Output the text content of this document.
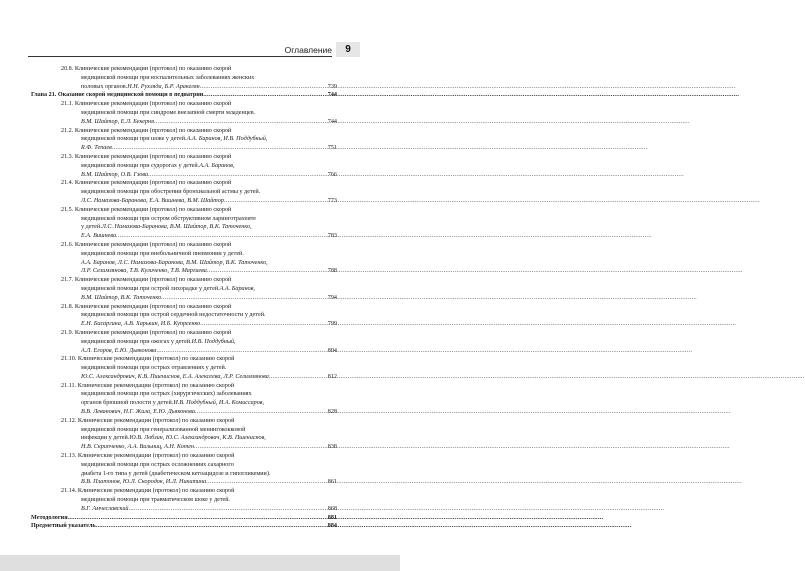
Оглавление	9
20.8. Клинические рекомендации (протокол) по оказанию скорой
медицинской помощи при воспалительных заболеваниях женских
половых органов. Н.Н. Рухляда, Б.Р. Аракелян .....	739
Глава 21. Оказание скорой медицинской помощи в педиатрии .....	744
21.1. Клинические рекомендации (протокол) по оказанию скорой
медицинской помощи при синдроме внезапной смерти младенцев.
В.М. Шайтор, Е.Л. Бекерня .....	744
21.2. Клинические рекомендации (протокол) по оказанию скорой
медицинской помощи при шоке у детей. А.А. Баранов, И.В. Поддубный,
R.Ф. Тепаев .....	751
21.3. Клинические рекомендации (протокол) по оказанию скорой
медицинской помощи при судорогах у детей. А.А. Баранов,
В.М. Шайтор, О.В. Гзовa .....	766
21.4. Клинические рекомендации (протокол) по оказанию скорой
медицинской помощи при обострении бронхиальной астмы у детей.
Л.С. Намазова-Баранова, Е.А. Вишнева, В.М. Шайтор .....	773
21.5. Клинические рекомендации (протокол) по оказанию скорой
медицинской помощи при остром обструктивном ларинготрахеите
у детей. Л.С. Намазова-Баранова, В.М. Шайтор, В.К. Таточенко,
Е.А. Вишнева .....	783
21.6. Клинические рекомендации (протокол) по оказанию скорой
медицинской помощи при внебольничной пневмонии у детей.
А.А. Баранов, Л.С. Намазова-Баранова, В.М. Шайтор, В.К. Таточенко,
Л.Р. Селимзянова, Т.В. Куличенко, Т.В. Маргиева .....	788
21.7. Клинические рекомендации (протокол) по оказанию скорой
медицинской помощи при острой лихорадке у детей. А.А. Баранов,
В.М. Шайтор, В.К. Таточенко .....	794
21.8. Клинические рекомендации (протокол) по оказанию скорой
медицинской помощи при острой сердечной недостаточности у детей.
Е.Н. Басаргина, А.В. Харькин, И.Б. Купреенко .....	799
21.9. Клинические рекомендации (протокол) по оказанию скорой
медицинской помощи при ожогах у детей. И.В. Поддубный,
А.Л. Егоров, Е.Ю. Дьяконова .....	804
21.10. Клинические рекомендации (протокол) по оказанию скорой
медицинской помощи при острых отравлениях у детей.
Ю.С. Александрович, К.В. Пшениснов, Е.А. Алексеева, Л.Р. Селимзянова .....	812
21.11. Клинические рекомендации (протокол) по оказанию скорой
медицинской помощи при острых (хирургических) заболеваниях
органов брюшной полости у детей. И.В. Поддубный, И.А. Комиссаров,
В.В. Леванович, Н.Г. Жила, Е.Ю. Дьяконова .....	828
21.12. Клинические рекомендации (протокол) по оказанию скорой
медицинской помощи при генерализованной менингококковой
инфекции у детей. Ю.В. Лобзин, Ю.С. Александрович, К.В. Пшениснов,
Н.В. Скрипченко, А.А. Вильниц, А.Н. Котен .....	838
21.13. Клинические рекомендации (протокол) по оказанию скорой
медицинской помощи при острых осложнениях сахарного
диабета 1-го типа у детей (диабетическом кетоацидозе и гипогликемии).
В.В. Платонов, Ю.Л. Скородок, И.Л. Никитина .....	861
21.14. Клинические рекомендации (протокол) по оказанию скорой
медицинской помощи при травматическом шоке у детей.
В.Г. Амчеславский .....	868
Методология .....	881
Предметный указатель .....	884
